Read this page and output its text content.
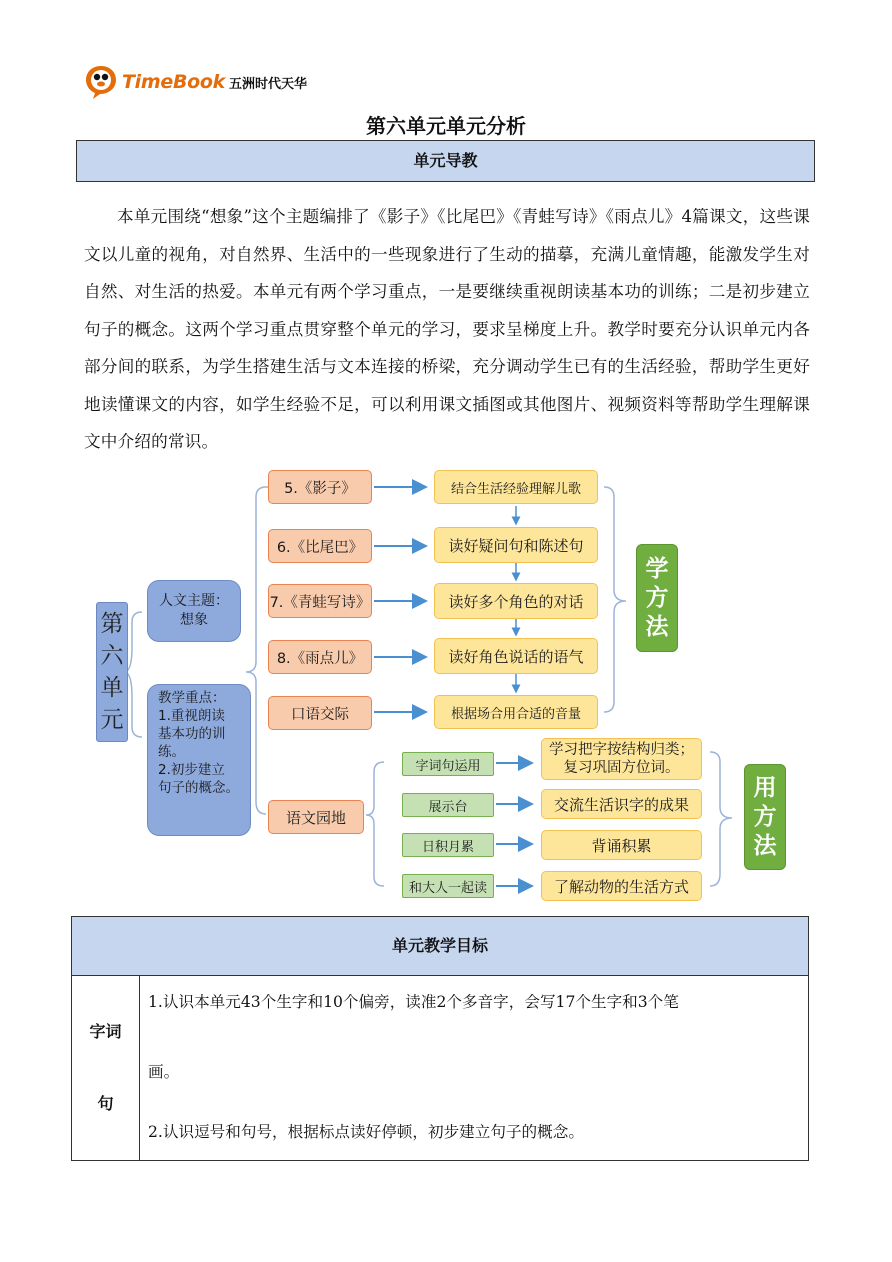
TimeBook 五洲时代天华
第六单元单元分析
单元导教

本单元围绕“想象”这个主题编排了《影子》《比尾巴》《青蛙写诗》《雨点儿》4篇课文，这些课文以儿童的视角，对自然界、生活中的一些现象进行了生动的描摹，充满儿童情趣，能激发学生对自然、对生活的热爱。本单元有两个学习重点，一是要继续重视朗读基本功的训练；二是初步建立句子的概念。这两个学习重点贯穿整个单元的学习，要求呈梯度上升。教学时要充分认识单元内各部分间的联系，为学生搭建生活与文本连接的桥梁，充分调动学生已有的生活经验，帮助学生更好地读懂课文的内容，如学生经验不足，可以利用课文插图或其他图片、视频资料等帮助学生理解课文中介绍的常识。

第
六
单
元
人文主题：
想象
教学重点：
1.重视朗读
基本功的训
练。
2.初步建立
句子的概念。
5.《影子》
6.《比尾巴》
7.《青蛙写诗》
8.《雨点儿》
口语交际
结合生活经验理解儿歌
读好疑问句和陈述句
读好多个角色的对话
读好角色说话的语气
根据场合用合适的音量
学
方
法
语文园地
字词句运用
展示台
日积月累
和大人一起读
学习把字按结构归类；
复习巩固方位词。
交流生活识字的成果
背诵积累
了解动物的生活方式
用
方
法
单元教学目标
字词
句

1.认识本单元43个生字和10个偏旁，读准2个多音字，会写17个生字和3个笔

画。

2.认识逗号和句号，根据标点读好停顿，初步建立句子的概念。
